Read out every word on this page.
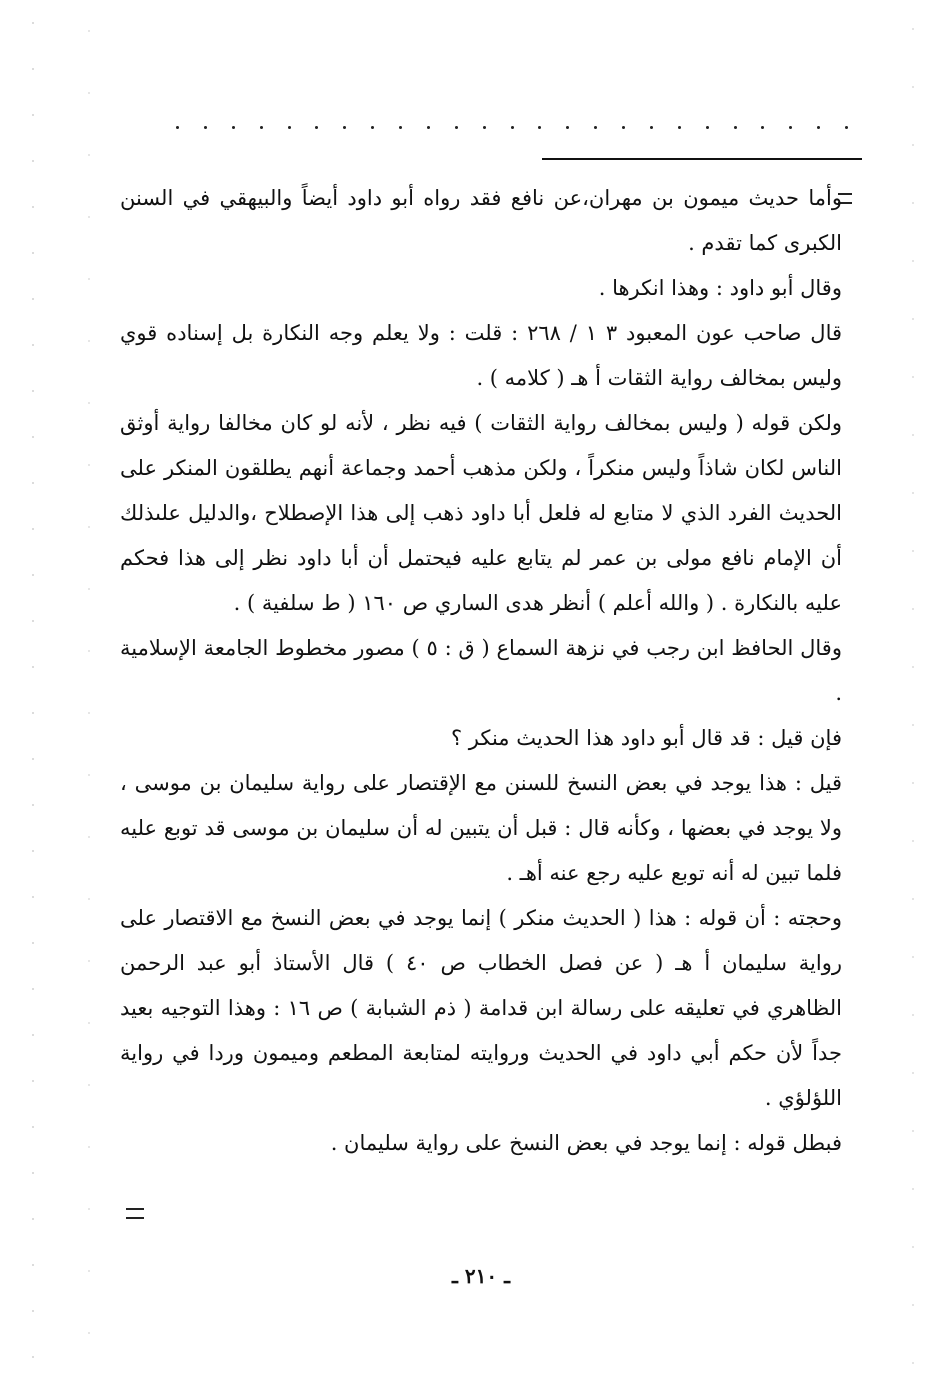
وأما حديث ميمون بن مهران،عن نافع فقد رواه أبو داود أيضاً والبيهقي في السنن الكبرى كما تقدم .

وقال أبو داود : وهذا انكرها .

قال صاحب عون المعبود ۳ ۱ / ۲٦۸ : قلت : ولا يعلم وجه النكارة بل إسناده قوي وليس بمخالف رواية الثقات أ هـ ( كلامه ) .

ولكن قوله ( وليس بمخالف رواية الثقات ) فيه نظر ، لأنه لو كان مخالفا رواية أوثق الناس لكان شاذاً وليس منكراً ، ولكن مذهب أحمد وجماعة أنهم يطلقون المنكر على الحديث الفرد الذي لا متابع له فلعل أبا داود ذهب إلى هذا الإصطلاح ،والدليل علىذلك أن الإمام نافع مولى بن عمر لم يتابع عليه فيحتمل أن أبا داود نظر إلى هذا فحكم عليه بالنكارة . ( والله أعلم ) أنظر هدى الساري ص ١٦٠ ( ط سلفية ) .

وقال الحافظ ابن رجب في نزهة السماع ( ق : ٥ ) مصور مخطوط الجامعة الإسلامية .

فإن قيل : قد قال أبو داود هذا الحديث منكر ؟

قيل : هذا يوجد في بعض النسخ للسنن مع الإقتصار على رواية سليمان بن موسى ، ولا يوجد في بعضها ، وكأنه قال : قبل أن يتبين له أن سليمان بن موسى قد توبع عليه فلما تبين له أنه توبع عليه رجع عنه أهـ .

وحجته : أن قوله : هذا ( الحديث منكر ) إنما يوجد في بعض النسخ مع الاقتصار على رواية سليمان أ هـ ( عن فصل الخطاب ص ٤٠ ) قال الأستاذ أبو عبد الرحمن الظاهري في تعليقه على رسالة ابن قدامة ( ذم الشبابة ) ص ١٦ : وهذا التوجيه بعيد جداً لأن حكم أبي داود في الحديث وروايته لمتابعة المطعم وميمون وردا في رواية اللؤلؤي .

فبطل قوله : إنما يوجد في بعض النسخ على رواية سليمان .

ـ ٢١٠ ـ
